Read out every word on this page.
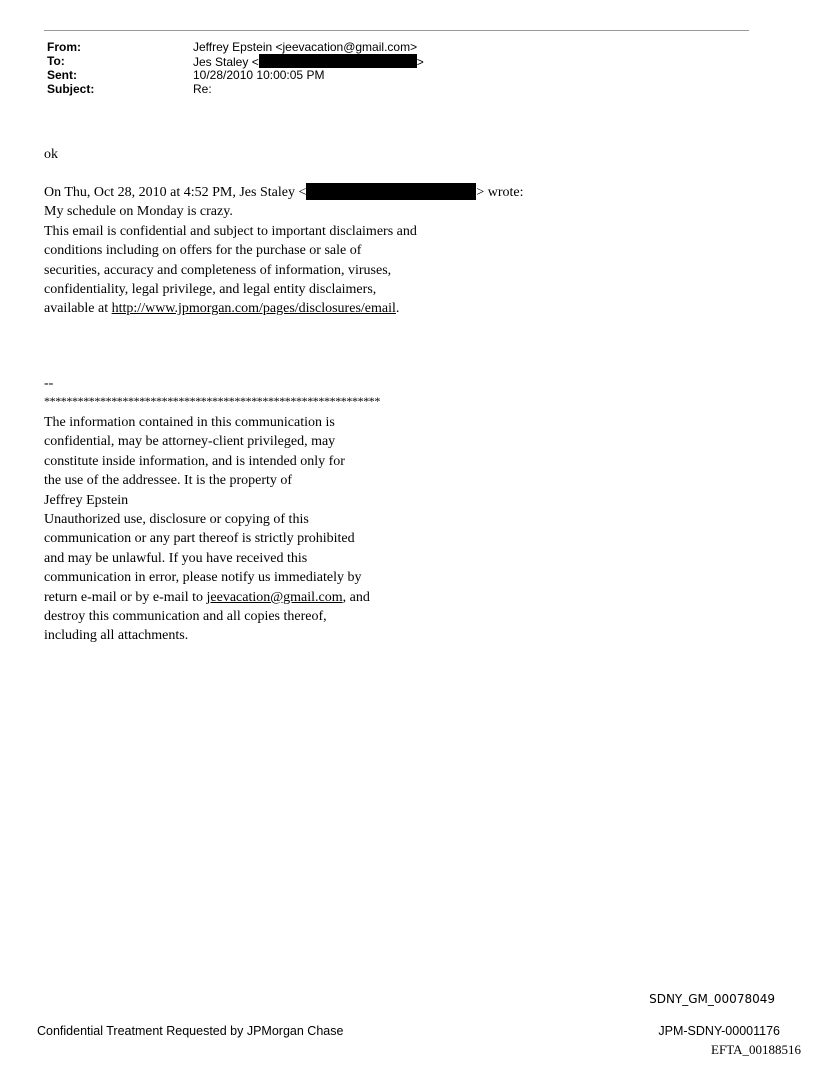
From:	Jeffrey Epstein <jeevacation@gmail.com>
To:	Jes Staley <	>
Sent:	10/28/2010 10:00:05 PM
Subject:	Re:
ok
On Thu, Oct 28, 2010 at 4:52 PM, Jes Staley <	> wrote:
My schedule on Monday is crazy.
This email is confidential and subject to important disclaimers and
conditions including on offers for the purchase or sale of
securities, accuracy and completeness of information, viruses,
confidentiality, legal privilege, and legal entity disclaimers,
available at http://www.jpmorgan.com/pages/disclosures/email.
--
************************************************************
The information contained in this communication is
confidential, may be attorney-client privileged, may
constitute inside information, and is intended only for
the use of the addressee. It is the property of
Jeffrey Epstein
Unauthorized use, disclosure or copying of this
communication or any part thereof is strictly prohibited
and may be unlawful. If you have received this
communication in error, please notify us immediately by
return e-mail or by e-mail to jeevacation@gmail.com, and
destroy this communication and all copies thereof,
including all attachments.
SDNY_GM_00078049
Confidential Treatment Requested by JPMorgan Chase	JPM-SDNY-00001176
EFTA_00188516
